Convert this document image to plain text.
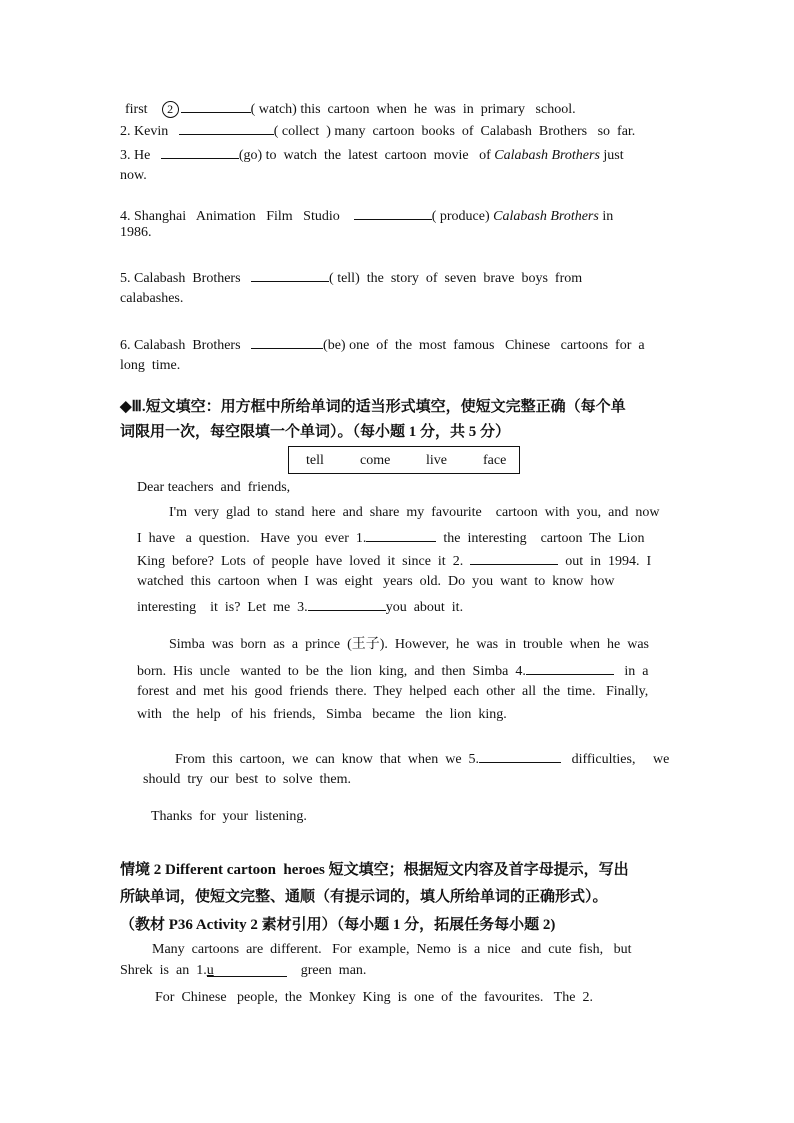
first 2	( watch) this  cartoon  when  he  was  in  primary   school.
2. Kevin	( collect  ) many  cartoon  books  of  Calabash  Brothers   so  far.
3. He	(go) to  watch  the  latest  cartoon  movie   of Calabash Brothers just
now.
4. Shanghai   Animation   Film   Studio	( produce) Calabash Brothers in
1986.
5. Calabash  Brothers	( tell) the  story  of  seven  brave  boys  from
calabashes.
6. Calabash  Brothers	(be) one  of  the  most  famous   Chinese   cartoons  for  a
long  time.
◆Ⅲ.短文填空：用方框中所给单词的适当形式填空，使短文完整正确（每个单
词限用一次，每空限填一个单词）。（每小题 1 分，共 5 分）
tell	come	live	face
Dear teachers  and  friends,
I'm  very  glad  to  stand  here  and  share  my  favourite    cartoon  with  you,  and  now
I  have   a  question.   Have  you  ever  1.	the  interesting    cartoon  The  Lion
King  before?  Lots  of  people  have  loved  it  since  it  2.	out  in  1994.  I
watched  this  cartoon  when  I  was  eight   years  old.  Do  you  want  to  know  how
interesting    it  is?  Let  me  3.	you  about  it.
Simba  was  born  as  a  prince  (王子).  However,  he  was  in  trouble  when  he  was
born.  His  uncle   wanted  to  be  the  lion  king,  and  then  Simba  4.	in  a
forest  and  met  his  good  friends  there.  They  helped  each  other  all  the  time.   Finally,
with   the  help   of  his  friends,   Simba   became   the  lion  king.
From  this  cartoon,  we  can  know  that  when  we  5.	difficulties,     we
should  try  our  best  to  solve  them.
Thanks  for  your  listening.
情境 2 Different cartoon  heroes 短文填空；根据短文内容及首字母提示，写出
所缺单词，使短文完整、通顺（有提示词的，填人所给单词的正确形式）。
（教材 P36 Activity 2 素材引用）（每小题 1 分，拓展任务每小题 2)
Many  cartoons  are  different.   For  example,  Nemo  is  a  nice   and  cute  fish,   but
Shrek  is  an  1.u	green  man.
For  Chinese   people,  the  Monkey  King  is  one  of  the  favourites.   The  2.
